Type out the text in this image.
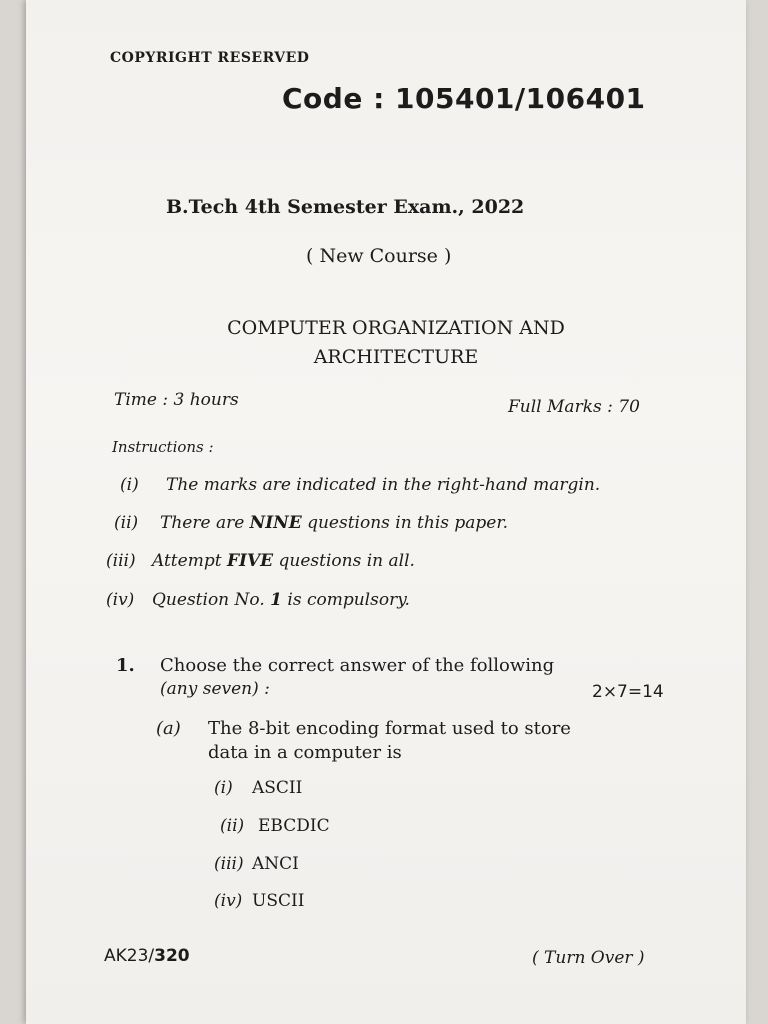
COPYRIGHT RESERVED
Code : 105401/106401
B.Tech 4th Semester Exam., 2022
( New Course )
COMPUTER ORGANIZATION AND
ARCHITECTURE
Time : 3 hours	Full Marks : 70
Instructions :
(i) The marks are indicated in the right-hand margin.
(ii) There are NINE questions in this paper.
(iii) Attempt FIVE questions in all.
(iv) Question No. 1 is compulsory.
1. Choose the correct answer of the following
(any seven) :	2×7=14
(a) The 8-bit encoding format used to store
data in a computer is
(i) ASCII
(ii) EBCDIC
(iii) ANCI
(iv) USCII
AK23/320	( Turn Over )
